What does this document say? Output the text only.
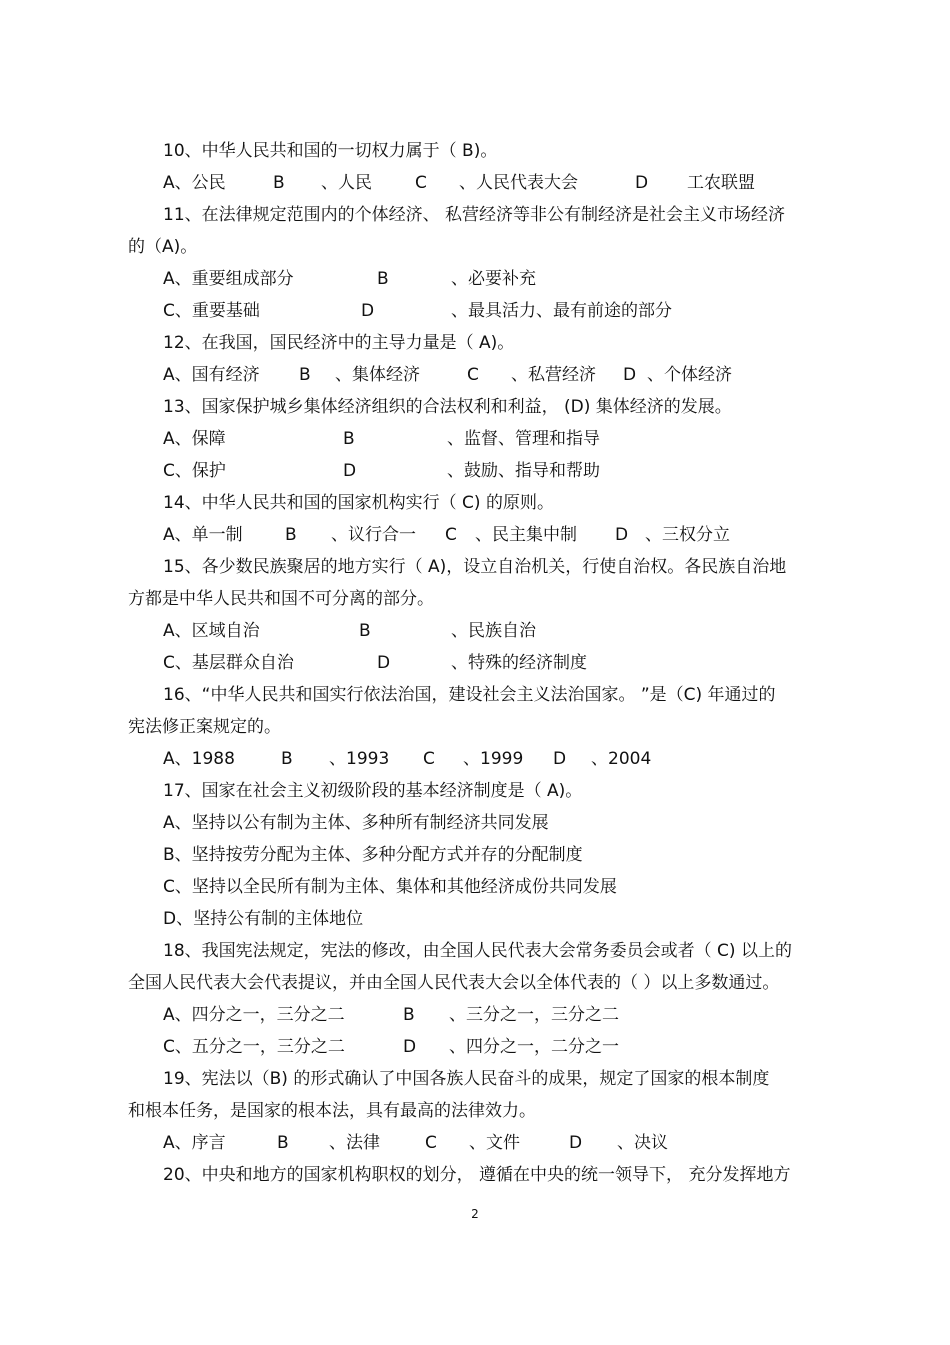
10、中华人民共和国的一切权力属于（ B)。
A、公民	B 、人民	C 、人民代表大会	D 工农联盟
11、在法律规定范围内的个体经济、 私营经济等非公有制经济是社会主义市场经济
的（A)。
A、重要组成部分	B	、必要补充
C、重要基础	D	、最具活力、最有前途的部分
12、在我国，国民经济中的主导力量是（ A)。
A、国有经济 B 、集体经济	C 、私营经济 D 、个体经济
13、国家保护城乡集体经济组织的合法权利和利益， (D) 集体经济的发展。
A、保障	B	、监督、管理和指导
C、保护	D	、鼓励、指导和帮助
14、中华人民共和国的国家机构实行（ C) 的原则。
A、单一制 B 、议行合一 C 、民主集中制 D 、三权分立
15、各少数民族聚居的地方实行（ A)，设立自治机关，行使自治权。各民族自治地
方都是中华人民共和国不可分离的部分。
A、区域自治	B	、民族自治
C、基层群众自治	D	、特殊的经济制度
16、“中华人民共和国实行依法治国，建设社会主义法治国家。 ”是（C) 年通过的
宪法修正案规定的。
A、1988	B 、1993 C 、1999 D 、2004
17、国家在社会主义初级阶段的基本经济制度是（ A)。
A、坚持以公有制为主体、多种所有制经济共同发展
B、坚持按劳分配为主体、多种分配方式并存的分配制度
C、坚持以全民所有制为主体、集体和其他经济成份共同发展
D、坚持公有制的主体地位
18、我国宪法规定，宪法的修改，由全国人民代表大会常务委员会或者（ C) 以上的
全国人民代表大会代表提议，并由全国人民代表大会以全体代表的（ ）以上多数通过。
A、四分之一，三分之二	B 、三分之一，三分之二
C、五分之一，三分之二	D 、四分之一，二分之一
19、宪法以（B) 的形式确认了中国各族人民奋斗的成果，规定了国家的根本制度
和根本任务，是国家的根本法，具有最高的法律效力。
A、序言	B 、法律	C 、文件	D 、决议
20、中央和地方的国家机构职权的划分， 遵循在中央的统一领导下， 充分发挥地方
2
